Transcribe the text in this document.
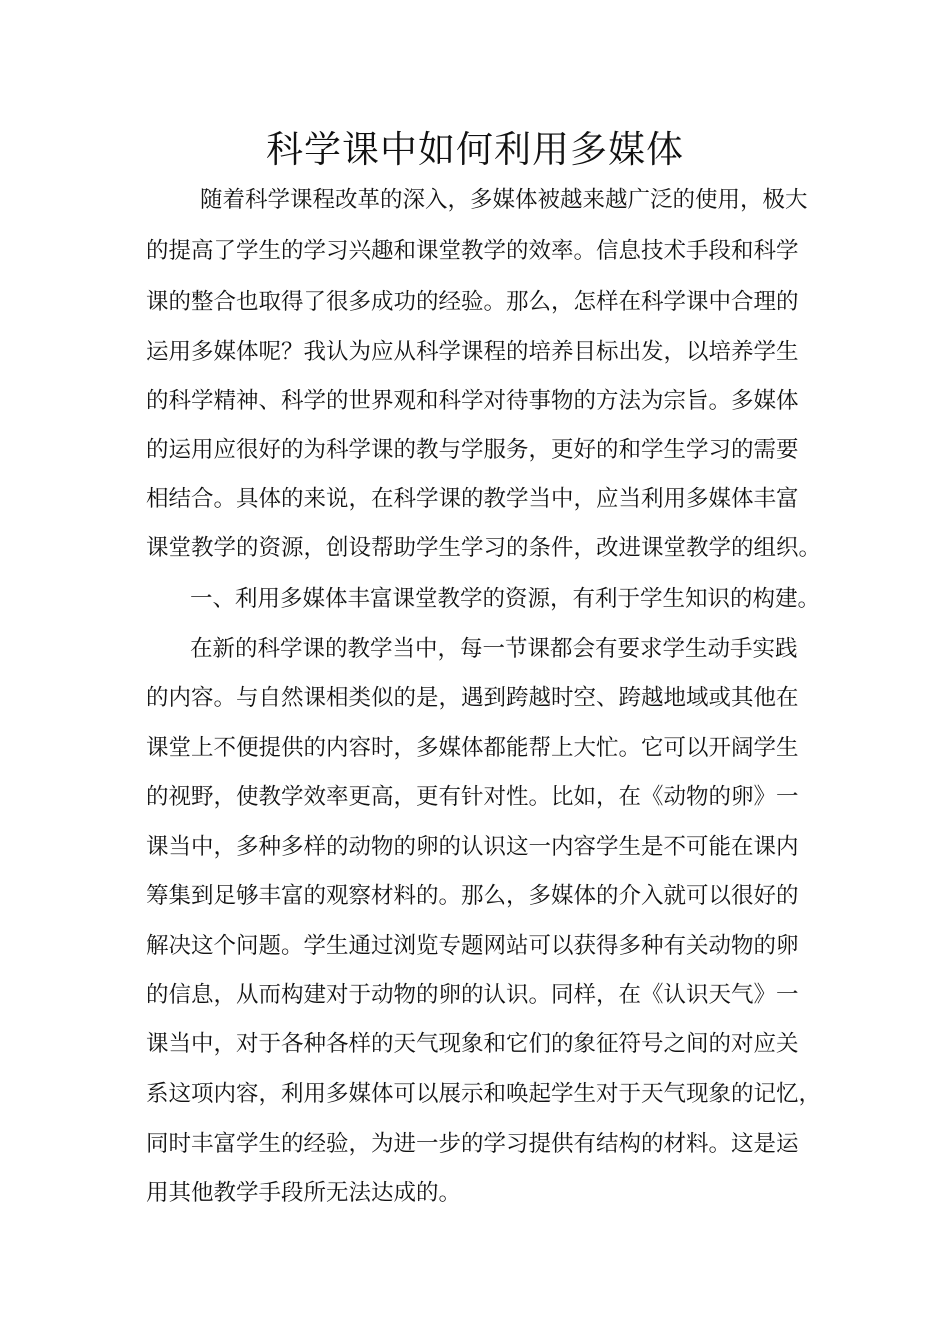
科学课中如何利用多媒体
随着科学课程改革的深入，多媒体被越来越广泛的使用，极大
的提高了学生的学习兴趣和课堂教学的效率。信息技术手段和科学
课的整合也取得了很多成功的经验。那么，怎样在科学课中合理的
运用多媒体呢？我认为应从科学课程的培养目标出发，以培养学生
的科学精神、科学的世界观和科学对待事物的方法为宗旨。多媒体
的运用应很好的为科学课的教与学服务，更好的和学生学习的需要
相结合。具体的来说，在科学课的教学当中，应当利用多媒体丰富
课堂教学的资源，创设帮助学生学习的条件，改进课堂教学的组织。
一、利用多媒体丰富课堂教学的资源，有利于学生知识的构建。
在新的科学课的教学当中，每一节课都会有要求学生动手实践
的内容。与自然课相类似的是，遇到跨越时空、跨越地域或其他在
课堂上不便提供的内容时，多媒体都能帮上大忙。它可以开阔学生
的视野，使教学效率更高，更有针对性。比如，在《动物的卵》一
课当中，多种多样的动物的卵的认识这一内容学生是不可能在课内
筹集到足够丰富的观察材料的。那么，多媒体的介入就可以很好的
解决这个问题。学生通过浏览专题网站可以获得多种有关动物的卵
的信息，从而构建对于动物的卵的认识。同样，在《认识天气》一
课当中，对于各种各样的天气现象和它们的象征符号之间的对应关
系这项内容，利用多媒体可以展示和唤起学生对于天气现象的记忆，
同时丰富学生的经验，为进一步的学习提供有结构的材料。这是运
用其他教学手段所无法达成的。
